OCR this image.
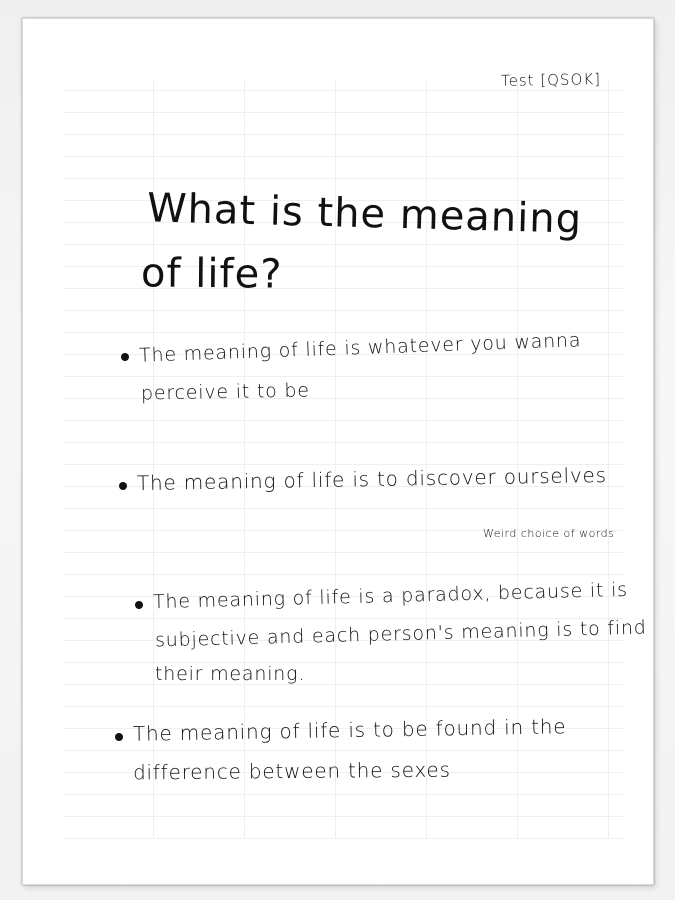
Test [QSOK]
What is the meaning
of life?
The meaning of life is whatever you wanna
perceive it to be
The meaning of life is to discover ourselves
Weird choice of words
The meaning of life is a paradox, because it is
subjective and each person's meaning is to find
their meaning.
The meaning of life is to be found in the
difference between the sexes
